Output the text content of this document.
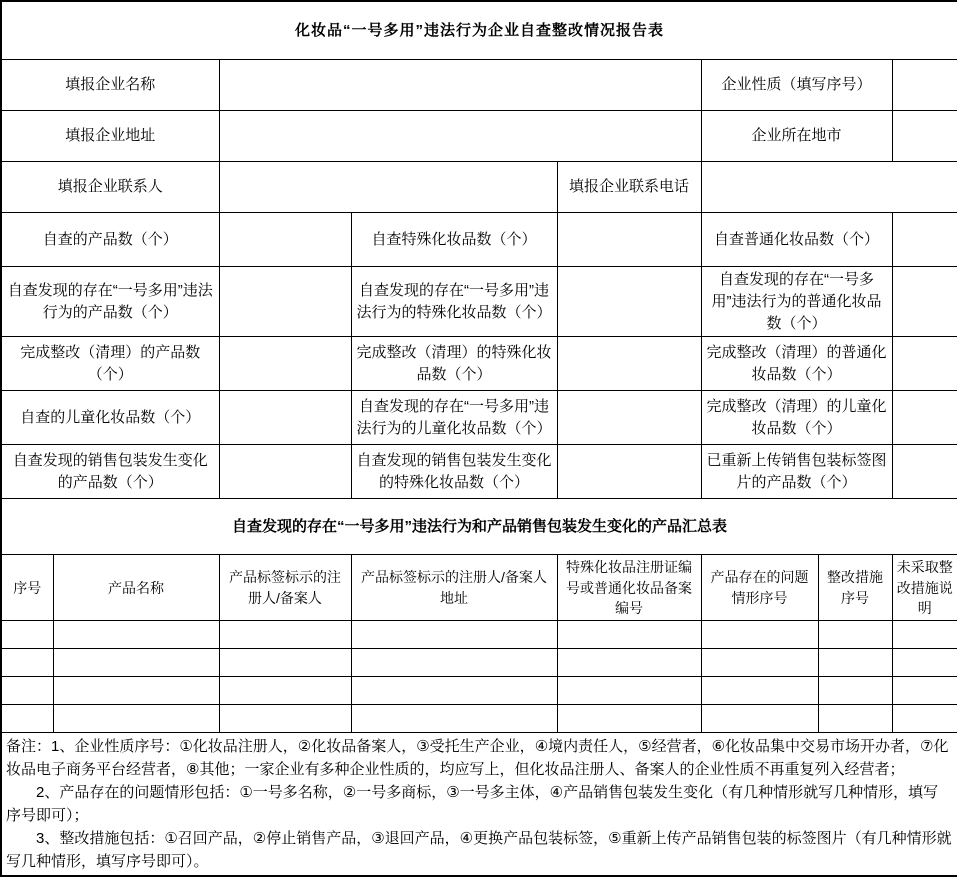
化妆品“一号多用”违法行为企业自查整改情况报告表							
填报企业名称					企业性质（填写序号）		
填报企业地址					企业所在地市		
填报企业联系人				填报企业联系电话			
自查的产品数（个）			自查特殊化妆品数（个）		自查普通化妆品数（个）		
自查发现的存在“一号多用”违法行为的产品数（个）			自查发现的存在“一号多用”违法行为的特殊化妆品数（个）		自查发现的存在“一号多用”违法行为的普通化妆品数（个）		
完成整改（清理）的产品数（个）			完成整改（清理）的特殊化妆品数（个）		完成整改（清理）的普通化妆品数（个）		
自查的儿童化妆品数（个）			自查发现的存在“一号多用”违法行为的儿童化妆品数（个）		完成整改（清理）的儿童化妆品数（个）		
自查发现的销售包装发生变化的产品数（个）			自查发现的销售包装发生变化的特殊化妆品数（个）		已重新上传销售包装标签图片的产品数（个）		
自查发现的存在“一号多用”违法行为和产品销售包装发生变化的产品汇总表							
序号	产品名称	产品标签标示的注册人/备案人	产品标签标示的注册人/备案人地址	特殊化妆品注册证编号或普通化妆品备案编号	产品存在的问题情形序号	整改措施序号	未采取整改措施说明

备注：1、企业性质序号：①化妆品注册人，②化妆品备案人，③受托生产企业，④境内责任人，⑤经营者，⑥化妆品集中交易市场开办者，⑦化妆品电子商务平台经营者，⑧其他；一家企业有多种企业性质的，均应写上，但化妆品注册人、备案人的企业性质不再重复列入经营者；

2、产品存在的问题情形包括：①一号多名称，②一号多商标，③一号多主体，④产品销售包装发生变化（有几种情形就写几种情形，填写序号即可）；

3、整改措施包括：①召回产品，②停止销售产品，③退回产品，④更换产品包装标签，⑤重新上传产品销售包装的标签图片（有几种情形就写几种情形，填写序号即可）。							
